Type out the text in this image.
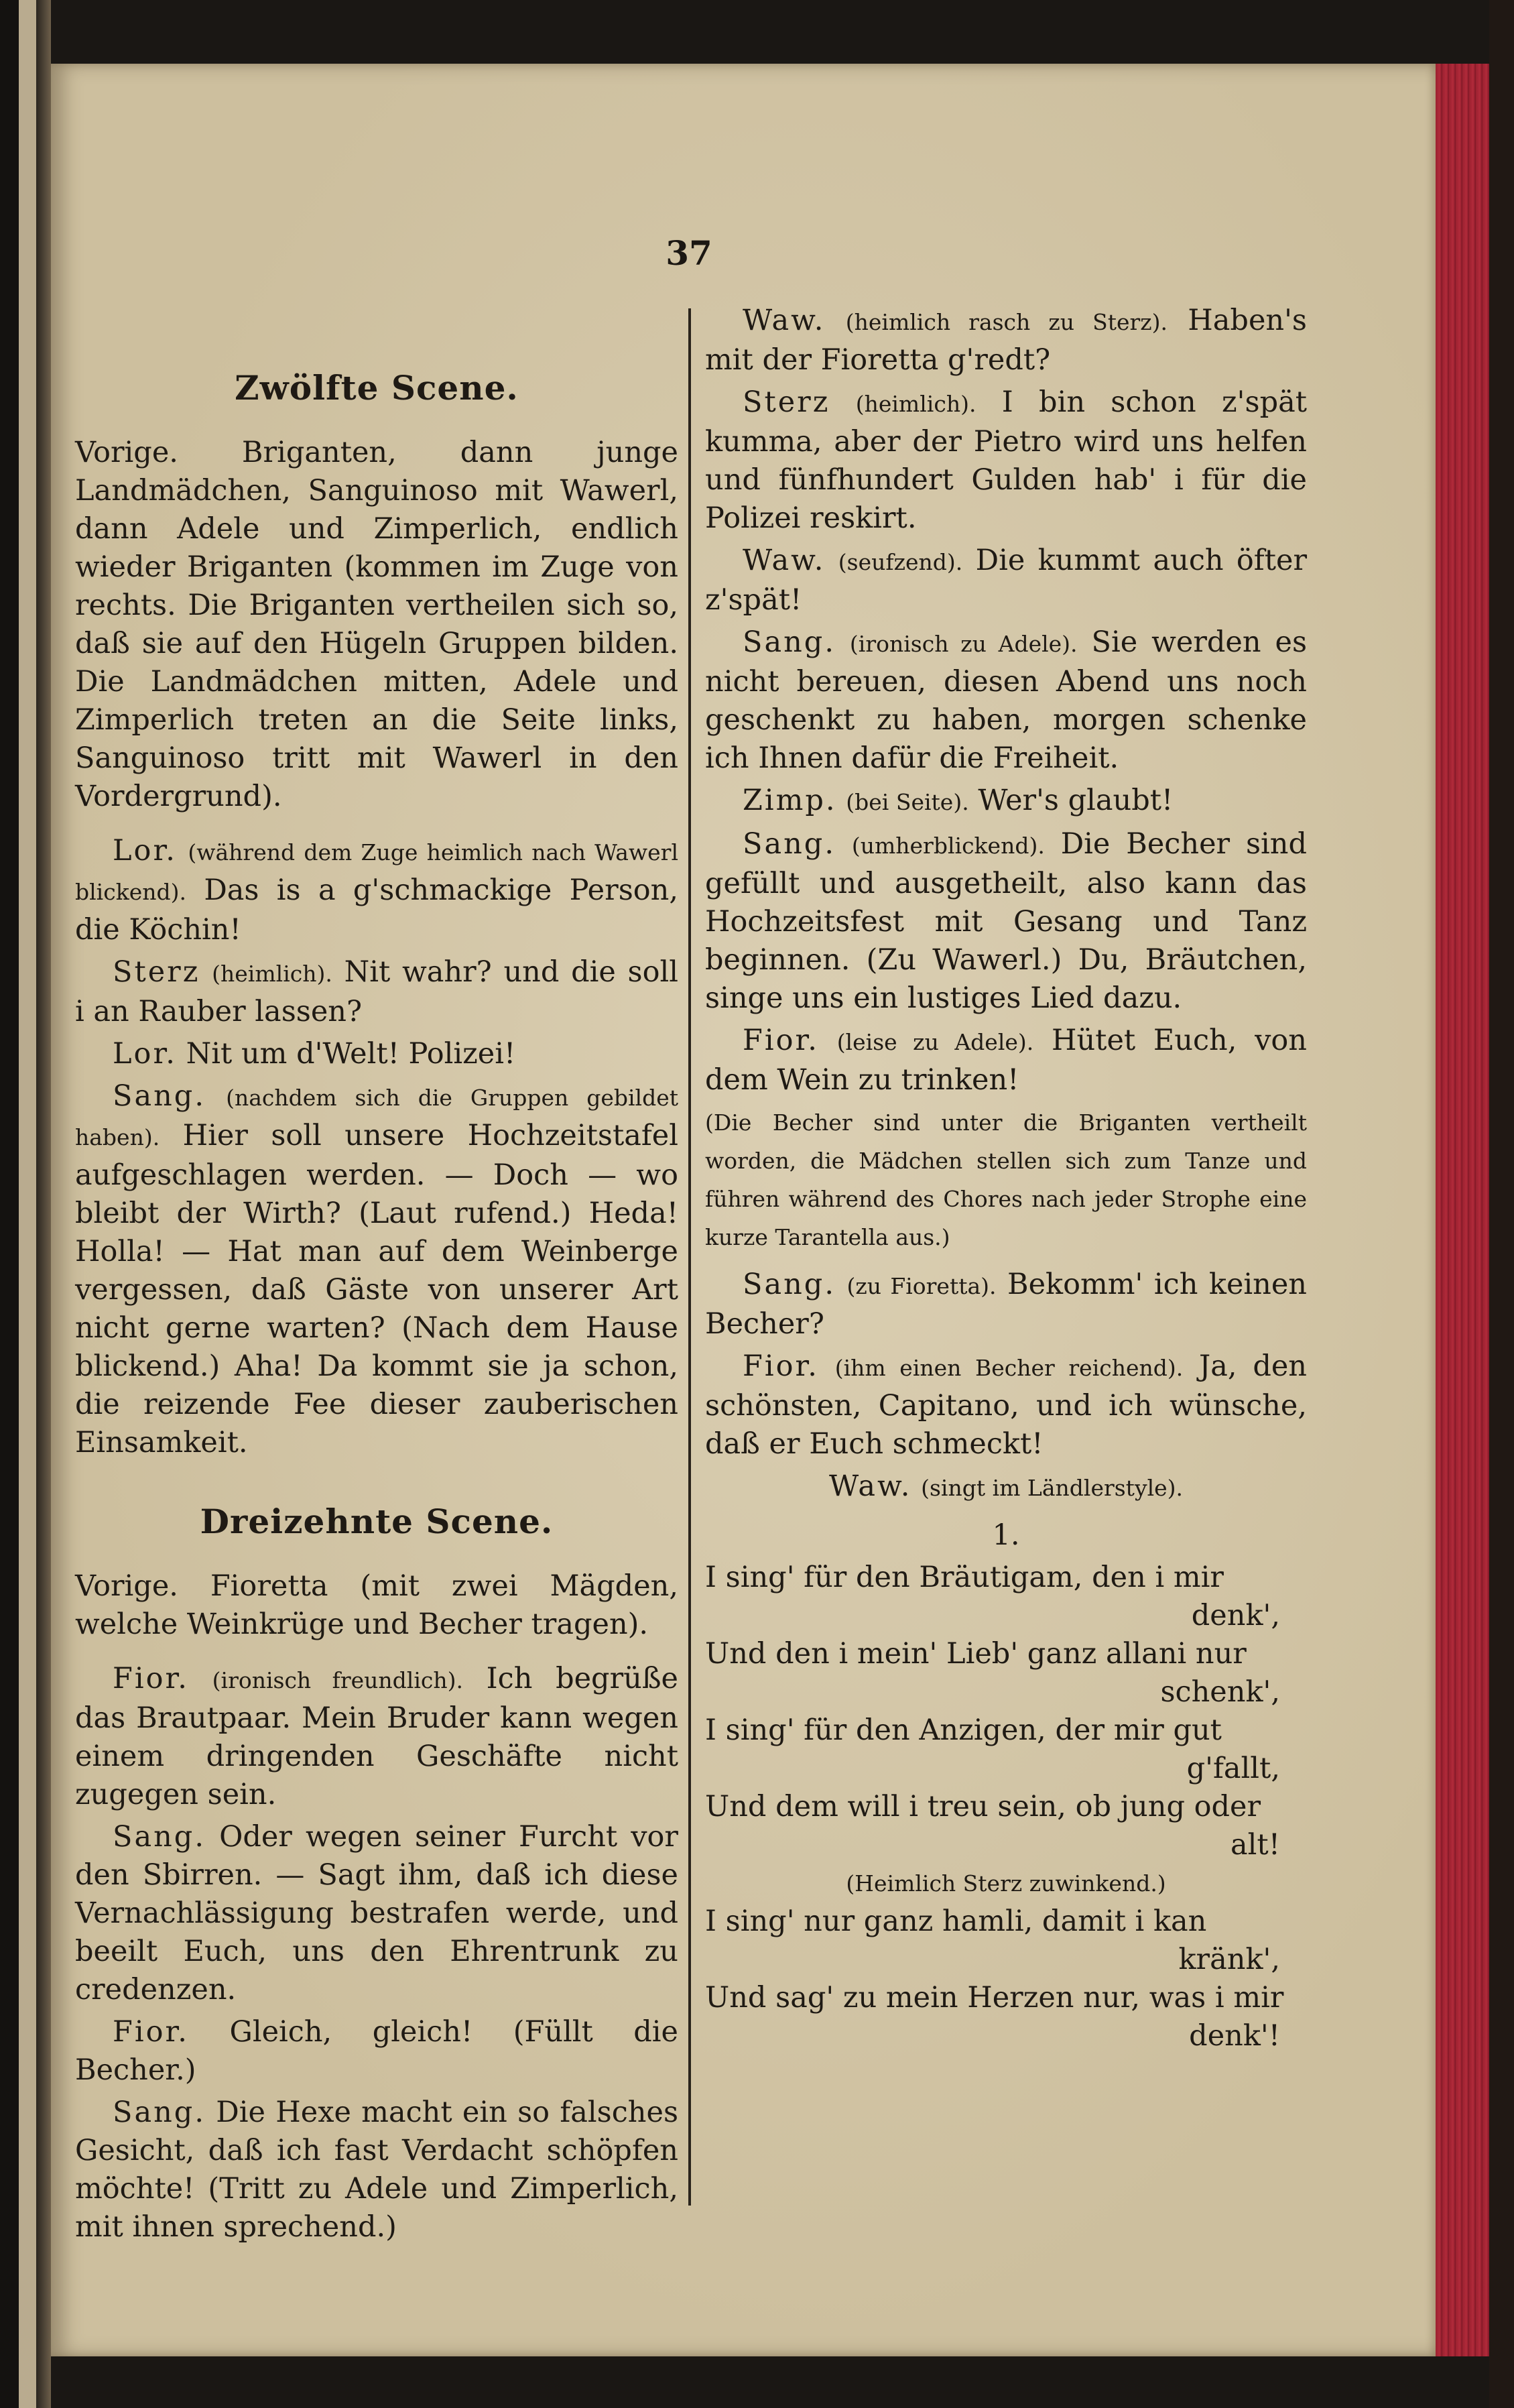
37
Zwölfte Scene.

Vorige. Briganten, dann junge Landmädchen, Sanguinoso mit Wawerl, dann Adele und Zimperlich, endlich wieder Briganten (kommen im Zuge von rechts. Die Briganten vertheilen sich so, daß sie auf den Hügeln Gruppen bilden. Die Landmädchen mitten, Adele und Zimperlich treten an die Seite links, Sanguinoso tritt mit Wawerl in den Vordergrund).

Lor. (während dem Zuge heimlich nach Wawerl blickend). Das is a g'schmackige Person, die Köchin!

Sterz (heimlich). Nit wahr? und die soll i an Rauber lassen?

Lor. Nit um d'Welt! Polizei!

Sang. (nachdem sich die Gruppen gebildet haben). Hier soll unsere Hochzeitstafel aufgeschlagen werden. — Doch — wo bleibt der Wirth? (Laut rufend.) Heda! Holla! — Hat man auf dem Weinberge vergessen, daß Gäste von unserer Art nicht gerne warten? (Nach dem Hause blickend.) Aha! Da kommt sie ja schon, die reizende Fee dieser zauberischen Einsamkeit.

Dreizehnte Scene.

Vorige. Fioretta (mit zwei Mägden, welche Weinkrüge und Becher tragen).

Fior. (ironisch freundlich). Ich begrüße das Brautpaar. Mein Bruder kann wegen einem dringenden Geschäfte nicht zugegen sein.

Sang. Oder wegen seiner Furcht vor den Sbirren. — Sagt ihm, daß ich diese Vernachlässigung bestrafen werde, und beeilt Euch, uns den Ehrentrunk zu credenzen.

Fior. Gleich, gleich! (Füllt die Becher.)

Sang. Die Hexe macht ein so falsches Gesicht, daß ich fast Verdacht schöpfen möchte! (Tritt zu Adele und Zimperlich, mit ihnen sprechend.)

Waw. (heimlich rasch zu Sterz). Haben's mit der Fioretta g'redt?

Sterz (heimlich). I bin schon z'spät kumma, aber der Pietro wird uns helfen und fünfhundert Gulden hab' i für die Polizei reskirt.

Waw. (seufzend). Die kummt auch öfter z'spät!

Sang. (ironisch zu Adele). Sie werden es nicht bereuen, diesen Abend uns noch geschenkt zu haben, morgen schenke ich Ihnen dafür die Freiheit.

Zimp. (bei Seite). Wer's glaubt!

Sang. (umherblickend). Die Becher sind gefüllt und ausgetheilt, also kann das Hochzeitsfest mit Gesang und Tanz beginnen. (Zu Wawerl.) Du, Bräutchen, singe uns ein lustiges Lied dazu.

Fior. (leise zu Adele). Hütet Euch, von dem Wein zu trinken!

(Die Becher sind unter die Briganten vertheilt worden, die Mädchen stellen sich zum Tanze und führen während des Chores nach jeder Strophe eine kurze Tarantella aus.)

Sang. (zu Fioretta). Bekomm' ich keinen Becher?

Fior. (ihm einen Becher reichend). Ja, den schönsten, Capitano, und ich wünsche, daß er Euch schmeckt!

Waw. (singt im Ländlerstyle).
1.

I sing' für den Bräutigam, den i mir

denk',

Und den i mein' Lieb' ganz allani nur

schenk',

I sing' für den Anzigen, der mir gut

g'fallt,

Und dem will i treu sein, ob jung oder

alt!

(Heimlich Sterz zuwinkend.)

I sing' nur ganz hamli, damit i kan

kränk',

Und sag' zu mein Herzen nur, was i mir

denk'!
